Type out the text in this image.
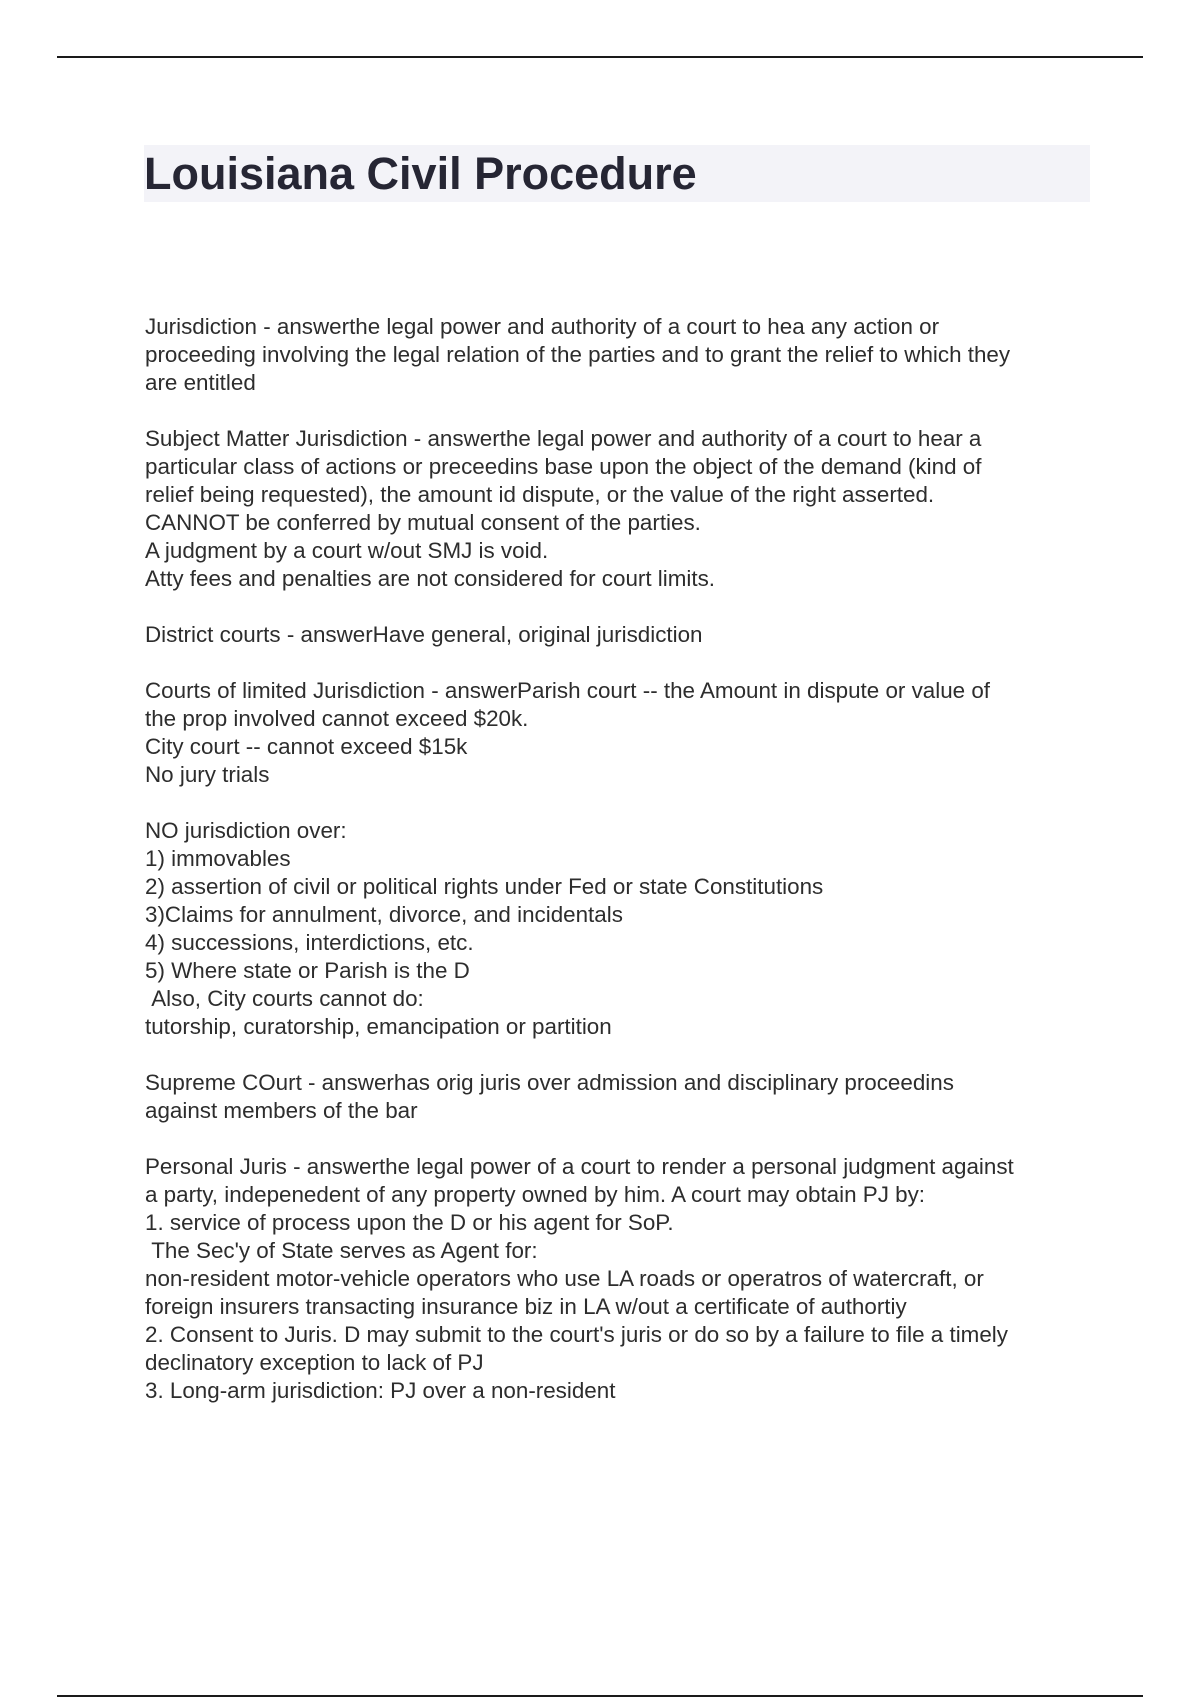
Louisiana Civil Procedure

Jurisdiction - answerthe legal power and authority of a court to hea any action or
proceeding involving the legal relation of the parties and to grant the relief to which they
are entitled

Subject Matter Jurisdiction - answerthe legal power and authority of a court to hear a
particular class of actions or preceedins base upon the object of the demand (kind of
relief being requested), the amount id dispute, or the value of the right asserted.
CANNOT be conferred by mutual consent of the parties.
A judgment by a court w/out SMJ is void.
Atty fees and penalties are not considered for court limits.

District courts - answerHave general, original jurisdiction

Courts of limited Jurisdiction - answerParish court -- the Amount in dispute or value of
the prop involved cannot exceed $20k.
City court -- cannot exceed $15k
No jury trials

NO jurisdiction over:
1) immovables
2) assertion of civil or political rights under Fed or state Constitutions
3)Claims for annulment, divorce, and incidentals
4) successions, interdictions, etc.
5) Where state or Parish is the D
Also, City courts cannot do:
tutorship, curatorship, emancipation or partition

Supreme COurt - answerhas orig juris over admission and disciplinary proceedins
against members of the bar

Personal Juris - answerthe legal power of a court to render a personal judgment against
a party, indepenedent of any property owned by him. A court may obtain PJ by:
1. service of process upon the D or his agent for SoP.
The Sec'y of State serves as Agent for:
non-resident motor-vehicle operators who use LA roads or operatros of watercraft, or
foreign insurers transacting insurance biz in LA w/out a certificate of authortiy
2. Consent to Juris. D may submit to the court's juris or do so by a failure to file a timely
declinatory exception to lack of PJ
3. Long-arm jurisdiction: PJ over a non-resident
